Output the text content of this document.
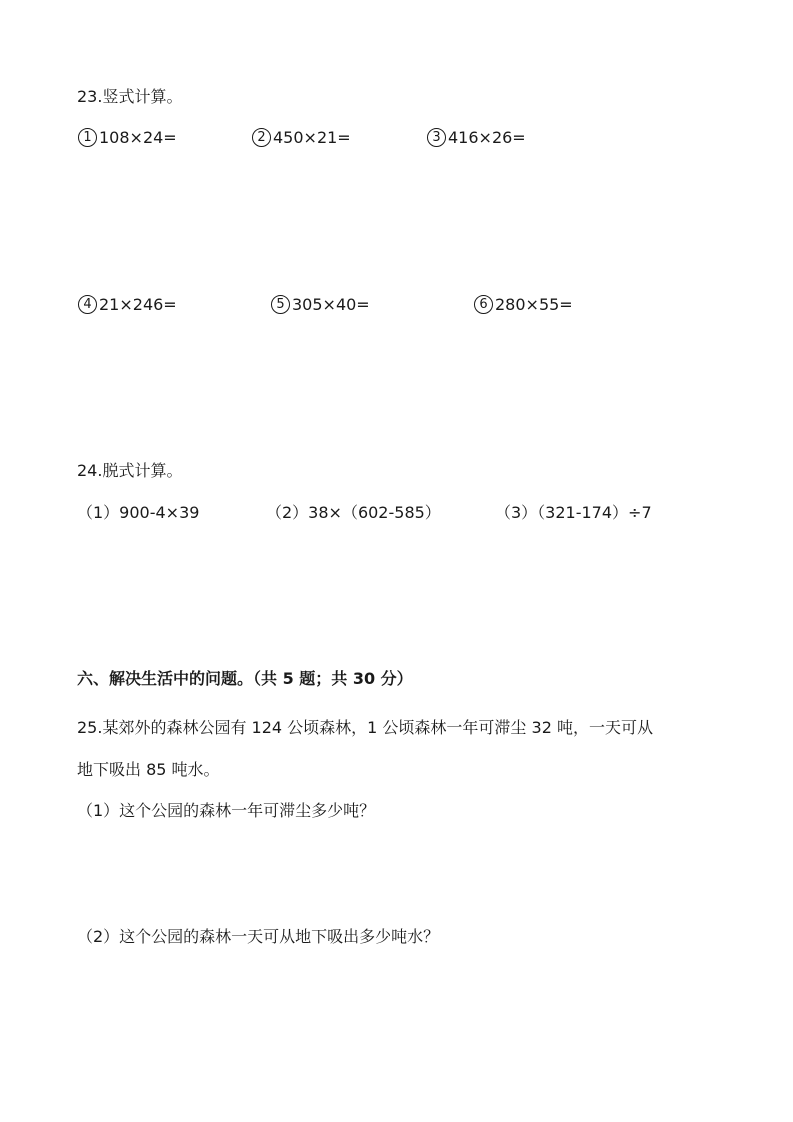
23.竖式计算。
1 108×24=	2 450×21=	3 416×26=
4 21×246=	5 305×40=	6 280×55=
24.脱式计算。
（1）900-4×39	（2）38×（602-585）	（3）（321-174）÷7
六、解决生活中的问题。（共 5 题；共 30 分）
25.某郊外的森林公园有 124 公顷森林，1 公顷森林一年可滞尘 32 吨，一天可从
地下吸出 85 吨水。
（1）这个公园的森林一年可滞尘多少吨？
（2）这个公园的森林一天可从地下吸出多少吨水？
